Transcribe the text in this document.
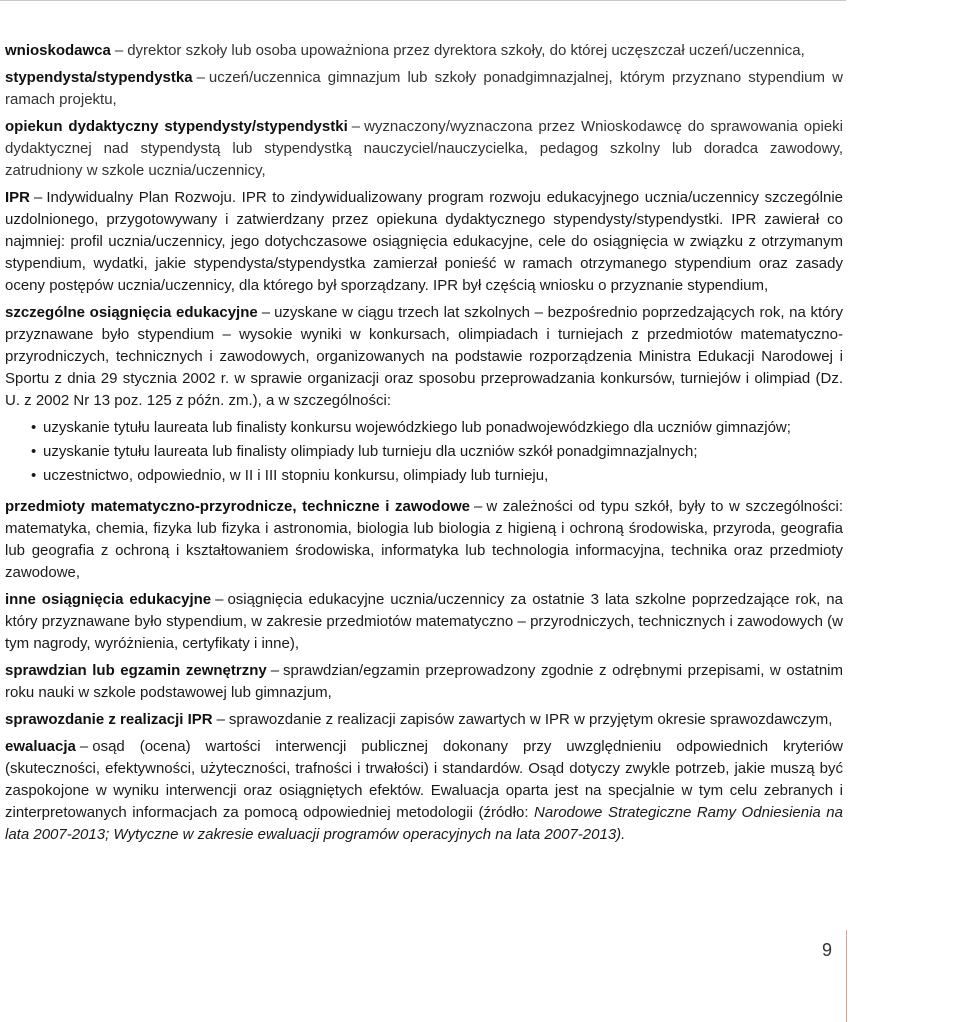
wnioskodawca – dyrektor szkoły lub osoba upoważniona przez dyrektora szkoły, do której uczęszczał uczeń/uczennica,

stypendysta/stypendystka – uczeń/uczennica gimnazjum lub szkoły ponadgimnazjalnej, którym przyznano stypendium w ramach projektu,

opiekun dydaktyczny stypendysty/stypendystki – wyznaczony/wyznaczona przez Wnioskodawcę do sprawowania opieki dydaktycznej nad stypendystą lub stypendystką nauczyciel/nauczycielka, pedagog szkolny lub doradca zawodowy, zatrudniony w szkole ucznia/uczennicy,

IPR – Indywidualny Plan Rozwoju. IPR to zindywidualizowany program rozwoju edukacyjnego ucznia/uczennicy szczególnie uzdolnionego, przygotowywany i zatwierdzany przez opiekuna dydaktycznego stypendysty/stypendystki. IPR zawierał co najmniej: profil ucznia/uczennicy, jego dotychczasowe osiągnięcia edukacyjne, cele do osiągnięcia w związku z otrzymanym stypendium, wydatki, jakie stypendysta/stypendystka zamierzał ponieść w ramach otrzymanego stypendium oraz zasady oceny postępów ucznia/uczennicy, dla którego był sporządzany. IPR był częścią wniosku o przyznanie stypendium,

szczególne osiągnięcia edukacyjne – uzyskane w ciągu trzech lat szkolnych – bezpośrednio poprzedzających rok, na który przyznawane było stypendium – wysokie wyniki w konkursach, olimpiadach i turniejach z przedmiotów matematyczno- przyrodniczych, technicznych i zawodowych, organizowanych na podstawie rozporządzenia Ministra Edukacji Narodowej i Sportu z dnia 29 stycznia 2002 r. w sprawie organizacji oraz sposobu przeprowadzania konkursów, turniejów i olimpiad (Dz. U. z 2002 Nr 13 poz. 125 z późn. zm.), a w szczególności:

• uzyskanie tytułu laureata lub finalisty konkursu wojewódzkiego lub ponadwojewódzkiego dla uczniów gimnazjów;
• uzyskanie tytułu laureata lub finalisty olimpiady lub turnieju dla uczniów szkół ponadgimnazjalnych;
• uczestnictwo, odpowiednio, w II i III stopniu konkursu, olimpiady lub turnieju,

przedmioty matematyczno-przyrodnicze, techniczne i zawodowe – w zależności od typu szkół, były to w szczególności: matematyka, chemia, fizyka lub fizyka i astronomia, biologia lub biologia z higieną i ochroną środowiska, przyroda, geografia lub geografia z ochroną i kształtowaniem środowiska, informatyka lub technologia informacyjna, technika oraz przedmioty zawodowe,

inne osiągnięcia edukacyjne – osiągnięcia edukacyjne ucznia/uczennicy za ostatnie 3 lata szkolne poprzedzające rok, na który przyznawane było stypendium, w zakresie przedmiotów matematyczno – przyrodniczych, technicznych i zawodowych (w tym nagrody, wyróżnienia, certyfikaty i inne),

sprawdzian lub egzamin zewnętrzny – sprawdzian/egzamin przeprowadzony zgodnie z odrębnymi przepisami, w ostatnim roku nauki w szkole podstawowej lub gimnazjum,

sprawozdanie z realizacji IPR – sprawozdanie z realizacji zapisów zawartych w IPR w przyjętym okresie sprawozdawczym,

ewaluacja – osąd (ocena) wartości interwencji publicznej dokonany przy uwzględnieniu odpowiednich kryteriów (skuteczności, efektywności, użyteczności, trafności i trwałości) i standardów. Osąd dotyczy zwykle potrzeb, jakie muszą być zaspokojone w wyniku interwencji oraz osiągniętych efektów. Ewaluacja oparta jest na specjalnie w tym celu zebranych i zinterpretowanych informacjach za pomocą odpowiedniej metodologii (źródło: Narodowe Strategiczne Ramy Odniesienia na lata 2007-2013; Wytyczne w zakresie ewaluacji programów operacyjnych na lata 2007-2013).

9
